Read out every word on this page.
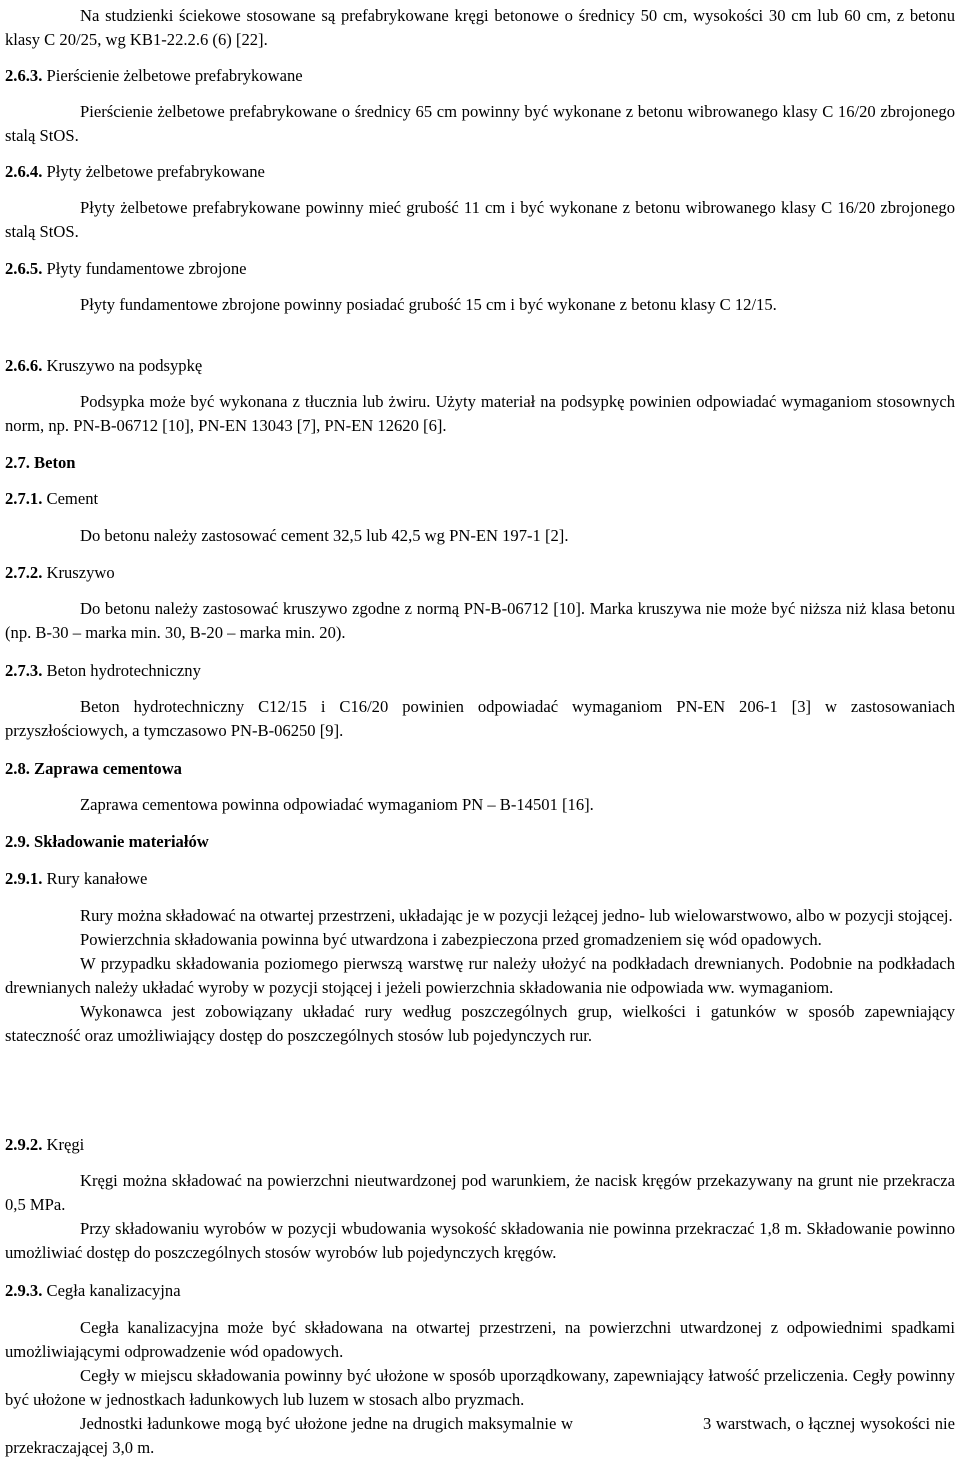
Na studzienki ściekowe stosowane są prefabrykowane kręgi betonowe o średnicy 50 cm, wysokości 30 cm lub 60 cm, z betonu klasy C 20/25, wg KB1-22.2.6 (6) [22].

2.6.3. Pierścienie żelbetowe prefabrykowane

Pierścienie żelbetowe prefabrykowane o średnicy 65 cm powinny być wykonane z betonu wibrowanego klasy C 16/20 zbrojonego stalą StOS.

2.6.4. Płyty żelbetowe prefabrykowane

Płyty żelbetowe prefabrykowane powinny mieć grubość 11 cm i być wykonane z betonu wibrowanego klasy C 16/20 zbrojonego stalą StOS.

2.6.5. Płyty fundamentowe zbrojone

Płyty fundamentowe zbrojone powinny posiadać grubość 15 cm i być wykonane z betonu klasy C 12/15.

2.6.6. Kruszywo na podsypkę

Podsypka może być wykonana z tłucznia lub żwiru. Użyty materiał na podsypkę powinien odpowiadać wymaganiom stosownych norm, np. PN-B-06712 [10], PN-EN 13043 [7], PN-EN 12620 [6].

2.7. Beton
2.7.1. Cement

Do betonu należy zastosować cement 32,5 lub 42,5 wg PN-EN 197-1 [2].

2.7.2. Kruszywo

Do betonu należy zastosować kruszywo zgodne z normą PN-B-06712 [10]. Marka kruszywa nie może być niższa niż klasa betonu (np. B-30 – marka min. 30, B-20 – marka min. 20).

2.7.3. Beton hydrotechniczny

Beton hydrotechniczny C12/15 i C16/20 powinien odpowiadać wymaganiom PN-EN 206-1 [3] w zastosowaniach przyszłościowych, a tymczasowo PN-B-06250 [9].

2.8. Zaprawa cementowa

Zaprawa cementowa powinna odpowiadać wymaganiom PN – B-14501 [16].

2.9. Składowanie materiałów
2.9.1. Rury kanałowe

Rury można składować na otwartej przestrzeni, układając je w pozycji leżącej jedno- lub wielowarstwowo, albo w pozycji stojącej.

Powierzchnia składowania powinna być utwardzona i zabezpieczona przed gromadzeniem się wód opadowych.

W przypadku składowania poziomego pierwszą warstwę rur należy ułożyć na podkładach drewnianych. Podobnie na podkładach drewnianych należy układać wyroby w pozycji stojącej i jeżeli powierzchnia składowania nie odpowiada ww. wymaganiom.

Wykonawca jest zobowiązany układać rury według poszczególnych grup, wielkości i gatunków w sposób zapewniający stateczność oraz umożliwiający dostęp do poszczególnych stosów lub pojedynczych rur.

2.9.2. Kręgi

Kręgi można składować na powierzchni nieutwardzonej pod warunkiem, że nacisk kręgów przekazywany na grunt nie przekracza 0,5 MPa.

Przy składowaniu wyrobów w pozycji wbudowania wysokość składowania nie powinna przekraczać 1,8 m. Składowanie powinno umożliwiać dostęp do poszczególnych stosów wyrobów lub pojedynczych kręgów.

2.9.3. Cegła kanalizacyjna

Cegła kanalizacyjna może być składowana na otwartej przestrzeni, na powierzchni utwardzonej z odpowiednimi spadkami umożliwiającymi odprowadzenie wód opadowych.

Cegły w miejscu składowania powinny być ułożone w sposób uporządkowany, zapewniający łatwość przeliczenia. Cegły powinny być ułożone w jednostkach ładunkowych lub luzem w stosach albo pryzmach.

Jednostki ładunkowe mogą być ułożone jedne na drugich maksymalnie w	3 warstwach, o łącznej wysokości nie przekraczającej 3,0 m.
